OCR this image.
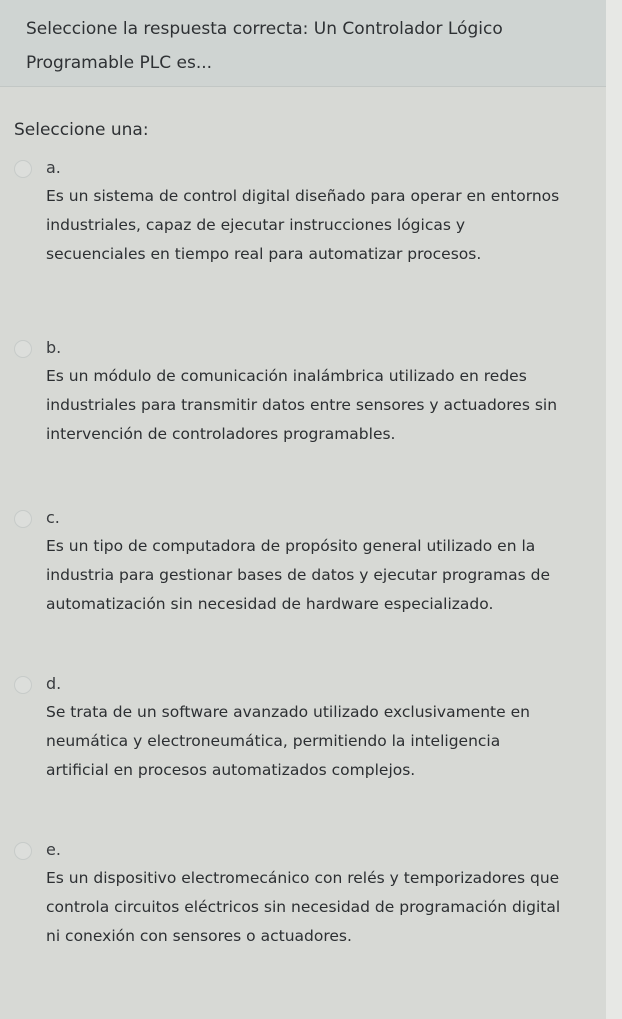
Seleccione la respuesta correcta: Un Controlador Lógico Programable PLC es...
Seleccione una:
a.
Es un sistema de control digital diseñado para operar en entornos industriales, capaz de ejecutar instrucciones lógicas y secuenciales en tiempo real para automatizar procesos.
b.
Es un módulo de comunicación inalámbrica utilizado en redes industriales para transmitir datos entre sensores y actuadores sin intervención de controladores programables.
c.
Es un tipo de computadora de propósito general utilizado en la industria para gestionar bases de datos y ejecutar programas de automatización sin necesidad de hardware especializado.
d.
Se trata de un software avanzado utilizado exclusivamente en neumática y electroneumática, permitiendo la inteligencia artificial en procesos automatizados complejos.
e.
Es un dispositivo electromecánico con relés y temporizadores que controla circuitos eléctricos sin necesidad de programación digital ni conexión con sensores o actuadores.
